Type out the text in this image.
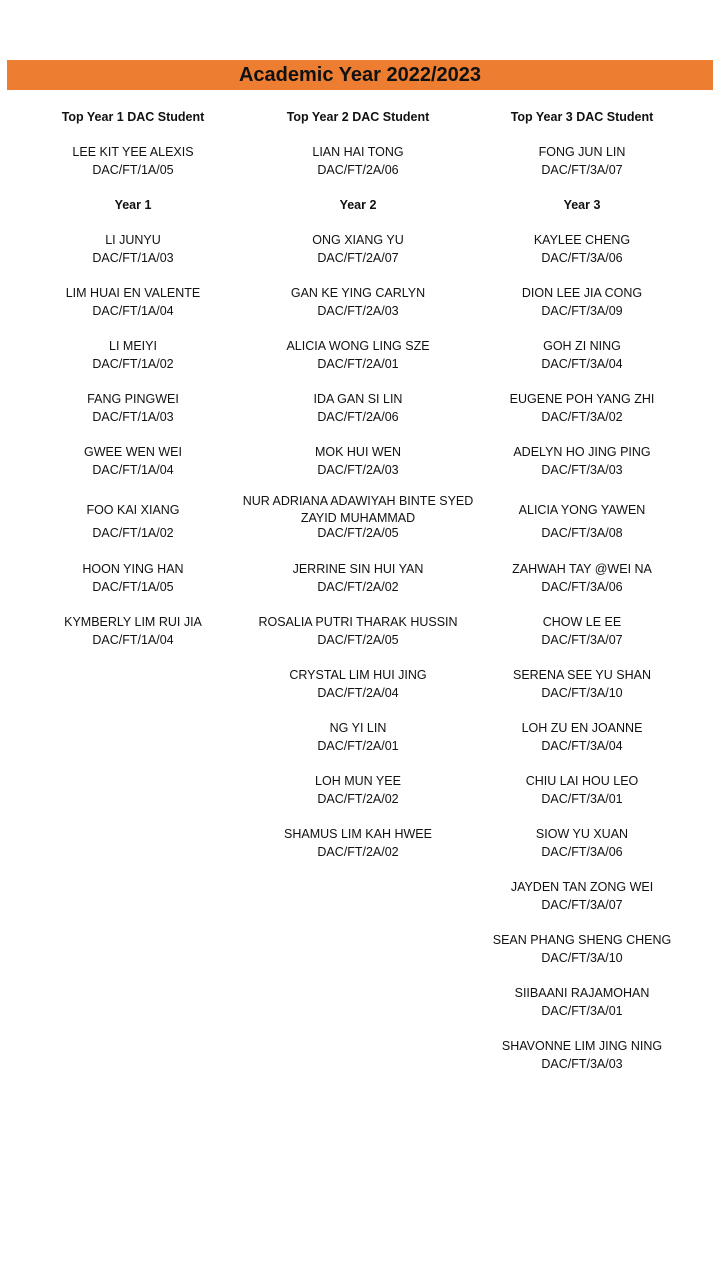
Academic Year 2022/2023
Top Year 1 DAC Student
LEE KIT YEE ALEXIS
DAC/FT/1A/05
Year 1
LI JUNYU
DAC/FT/1A/03
LIM HUAI EN VALENTE
DAC/FT/1A/04
LI MEIYI
DAC/FT/1A/02
FANG PINGWEI
DAC/FT/1A/03
GWEE WEN WEI
DAC/FT/1A/04
FOO KAI XIANG
DAC/FT/1A/02
HOON YING HAN
DAC/FT/1A/05
KYMBERLY LIM RUI JIA
DAC/FT/1A/04
Top Year 2 DAC Student
LIAN HAI TONG
DAC/FT/2A/06
Year 2
ONG XIANG YU
DAC/FT/2A/07
GAN KE YING CARLYN
DAC/FT/2A/03
ALICIA WONG LING SZE
DAC/FT/2A/01
IDA GAN SI LIN
DAC/FT/2A/06
MOK HUI WEN
DAC/FT/2A/03
NUR ADRIANA ADAWIYAH BINTE SYED ZAYID MUHAMMAD
DAC/FT/2A/05
JERRINE SIN HUI YAN
DAC/FT/2A/02
ROSALIA PUTRI THARAK HUSSIN
DAC/FT/2A/05
CRYSTAL LIM HUI JING
DAC/FT/2A/04
NG YI LIN
DAC/FT/2A/01
LOH MUN YEE
DAC/FT/2A/02
SHAMUS LIM KAH HWEE
DAC/FT/2A/02
Top Year 3 DAC Student
FONG JUN LIN
DAC/FT/3A/07
Year 3
KAYLEE CHENG
DAC/FT/3A/06
DION LEE JIA CONG
DAC/FT/3A/09
GOH ZI NING
DAC/FT/3A/04
EUGENE POH YANG ZHI
DAC/FT/3A/02
ADELYN HO JING PING
DAC/FT/3A/03
ALICIA YONG YAWEN
DAC/FT/3A/08
ZAHWAH TAY @WEI NA
DAC/FT/3A/06
CHOW LE EE
DAC/FT/3A/07
SERENA SEE YU SHAN
DAC/FT/3A/10
LOH ZU EN JOANNE
DAC/FT/3A/04
CHIU LAI HOU LEO
DAC/FT/3A/01
SIOW YU XUAN
DAC/FT/3A/06
JAYDEN TAN ZONG WEI
DAC/FT/3A/07
SEAN PHANG SHENG CHENG
DAC/FT/3A/10
SIIBAANI RAJAMOHAN
DAC/FT/3A/01
SHAVONNE LIM JING NING
DAC/FT/3A/03
